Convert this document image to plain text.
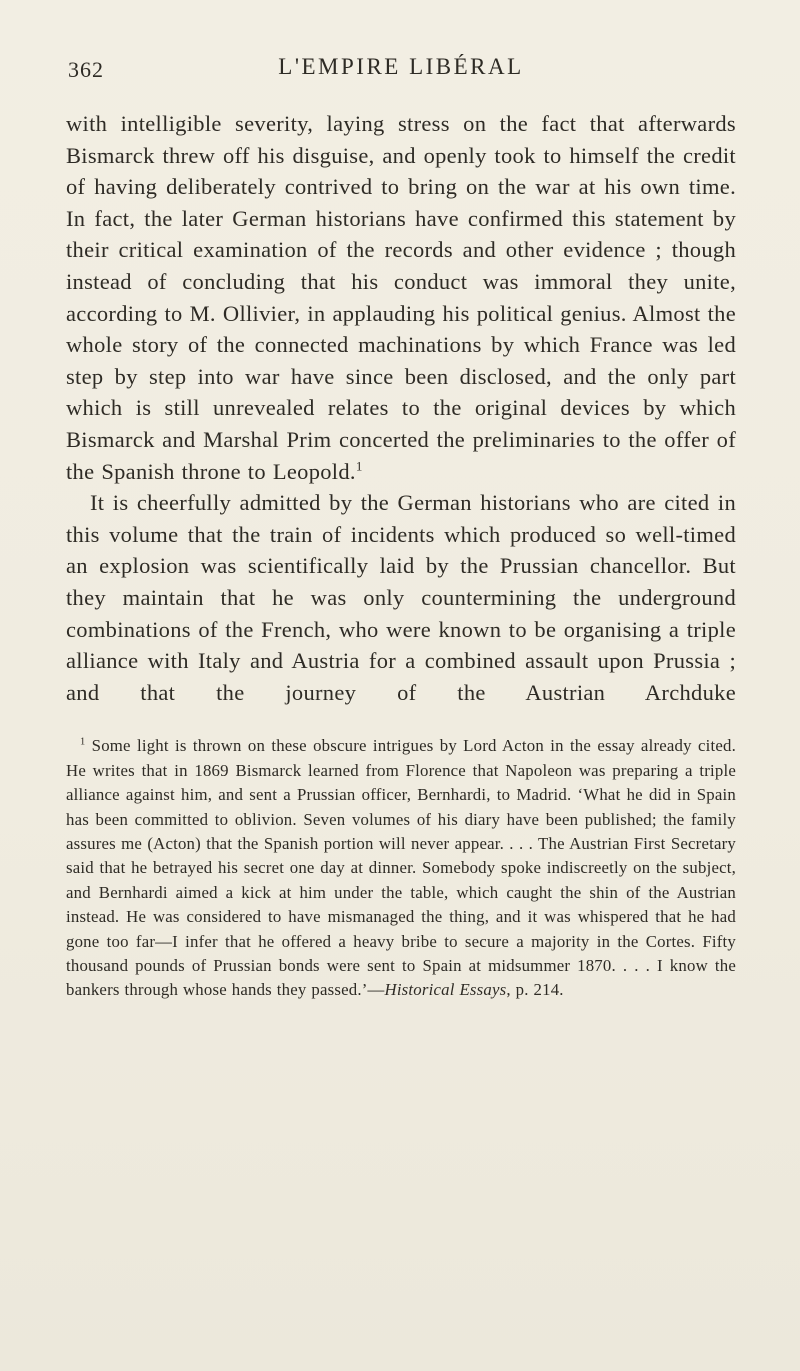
362	L'EMPIRE LIBÉRAL

with intelligible severity, laying stress on the fact that afterwards Bismarck threw off his disguise, and openly took to himself the credit of having deliberately contrived to bring on the war at his own time. In fact, the later German historians have confirmed this statement by their critical examination of the records and other evidence ; though instead of concluding that his conduct was immoral they unite, according to M. Ollivier, in applauding his political genius. Almost the whole story of the connected machinations by which France was led step by step into war have since been disclosed, and the only part which is still unrevealed relates to the original devices by which Bismarck and Marshal Prim concerted the preliminaries to the offer of the Spanish throne to Leopold.$^1$

It is cheerfully admitted by the German historians who are cited in this volume that the train of incidents which produced so well-timed an explosion was scientifically laid by the Prussian chancellor. But they maintain that he was only countermining the underground combinations of the French, who were known to be organising a triple alliance with Italy and Austria for a combined assault upon Prussia ; and that the journey of the Austrian Archduke

$^1$ Some light is thrown on these obscure intrigues by Lord Acton in the essay already cited. He writes that in 1869 Bismarck learned from Florence that Napoleon was preparing a triple alliance against him, and sent a Prussian officer, Bernhardi, to Madrid. ‘What he did in Spain has been committed to oblivion. Seven volumes of his diary have been published; the family assures me (Acton) that the Spanish portion will never appear. . . . The Austrian First Secretary said that he betrayed his secret one day at dinner. Somebody spoke indiscreetly on the subject, and Bernhardi aimed a kick at him under the table, which caught the shin of the Austrian instead. He was considered to have mismanaged the thing, and it was whispered that he had gone too far—I infer that he offered a heavy bribe to secure a majority in the Cortes. Fifty thousand pounds of Prussian bonds were sent to Spain at midsummer 1870. . . . I know the bankers through whose hands they passed.’—Historical Essays, p. 214.
